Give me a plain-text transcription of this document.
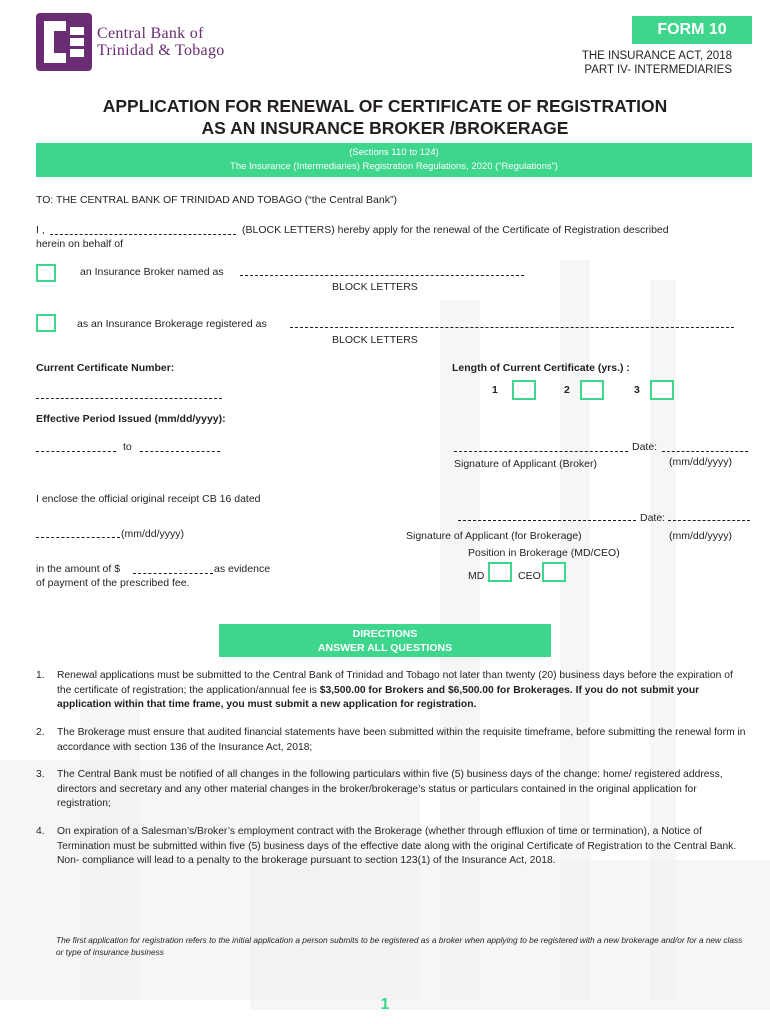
Central Bank of
Trinidad & Tobago
FORM 10
THE INSURANCE ACT, 2018
PART IV- INTERMEDIARIES
APPLICATION FOR RENEWAL OF CERTIFICATE OF REGISTRATION
AS AN INSURANCE BROKER /BROKERAGE
(Sections 110 to 124)
The Insurance (Intermediaries) Registration Regulations, 2020 (“Regulations”)
TO: THE CENTRAL BANK OF TRINIDAD AND TOBAGO (“the Central Bank”)
I ,	(BLOCK LETTERS) hereby apply for the renewal of the Certificate of Registration described
herein on behalf of
an Insurance Broker named as
BLOCK LETTERS
as an Insurance Brokerage registered as
BLOCK LETTERS
Current Certificate Number:	Length of Current Certificate (yrs.) :
1	2	3
Effective Period Issued (mm/dd/yyyy):
to	Date:
Signature of Applicant (Broker)	(mm/dd/yyyy)
I enclose the official original receipt CB 16 dated
(mm/dd/yyyy)
Date:
Signature of Applicant (for Brokerage)	(mm/dd/yyyy)
Position in Brokerage (MD/CEO)
in the amount of $	as evidence
of payment of the prescribed fee.
MD	CEO
DIRECTIONS
ANSWER ALL QUESTIONS
1. Renewal applications must be submitted to the Central Bank of Trinidad and Tobago not later than twenty (20) business days before the expiration of the certificate of registration; the application/annual fee is $3,500.00 for Brokers and $6,500.00 for Brokerages. If you do not submit your application within that time frame, you must submit a new application for registration.
2. The Brokerage must ensure that audited financial statements have been submitted within the requisite timeframe, before submitting the renewal form in accordance with section 136 of the Insurance Act, 2018;
3. The Central Bank must be notified of all changes in the following particulars within five (5) business days of the change: home/ registered address, directors and secretary and any other material changes in the broker/brokerage’s status or particulars contained in the original application for registration;
4. On expiration of a Salesman’s/Broker’s employment contract with the Brokerage (whether through effluxion of time or termination), a Notice of Termination must be submitted within five (5) business days of the effective date along with the original Certificate of Registration to the Central Bank. Non- compliance will lead to a penalty to the brokerage pursuant to section 123(1) of the Insurance Act, 2018.
The first application for registration refers to the initial application a person submits to be registered as a broker when applying to be registered with a new brokerage and/or for a new class or type of insurance business
1
